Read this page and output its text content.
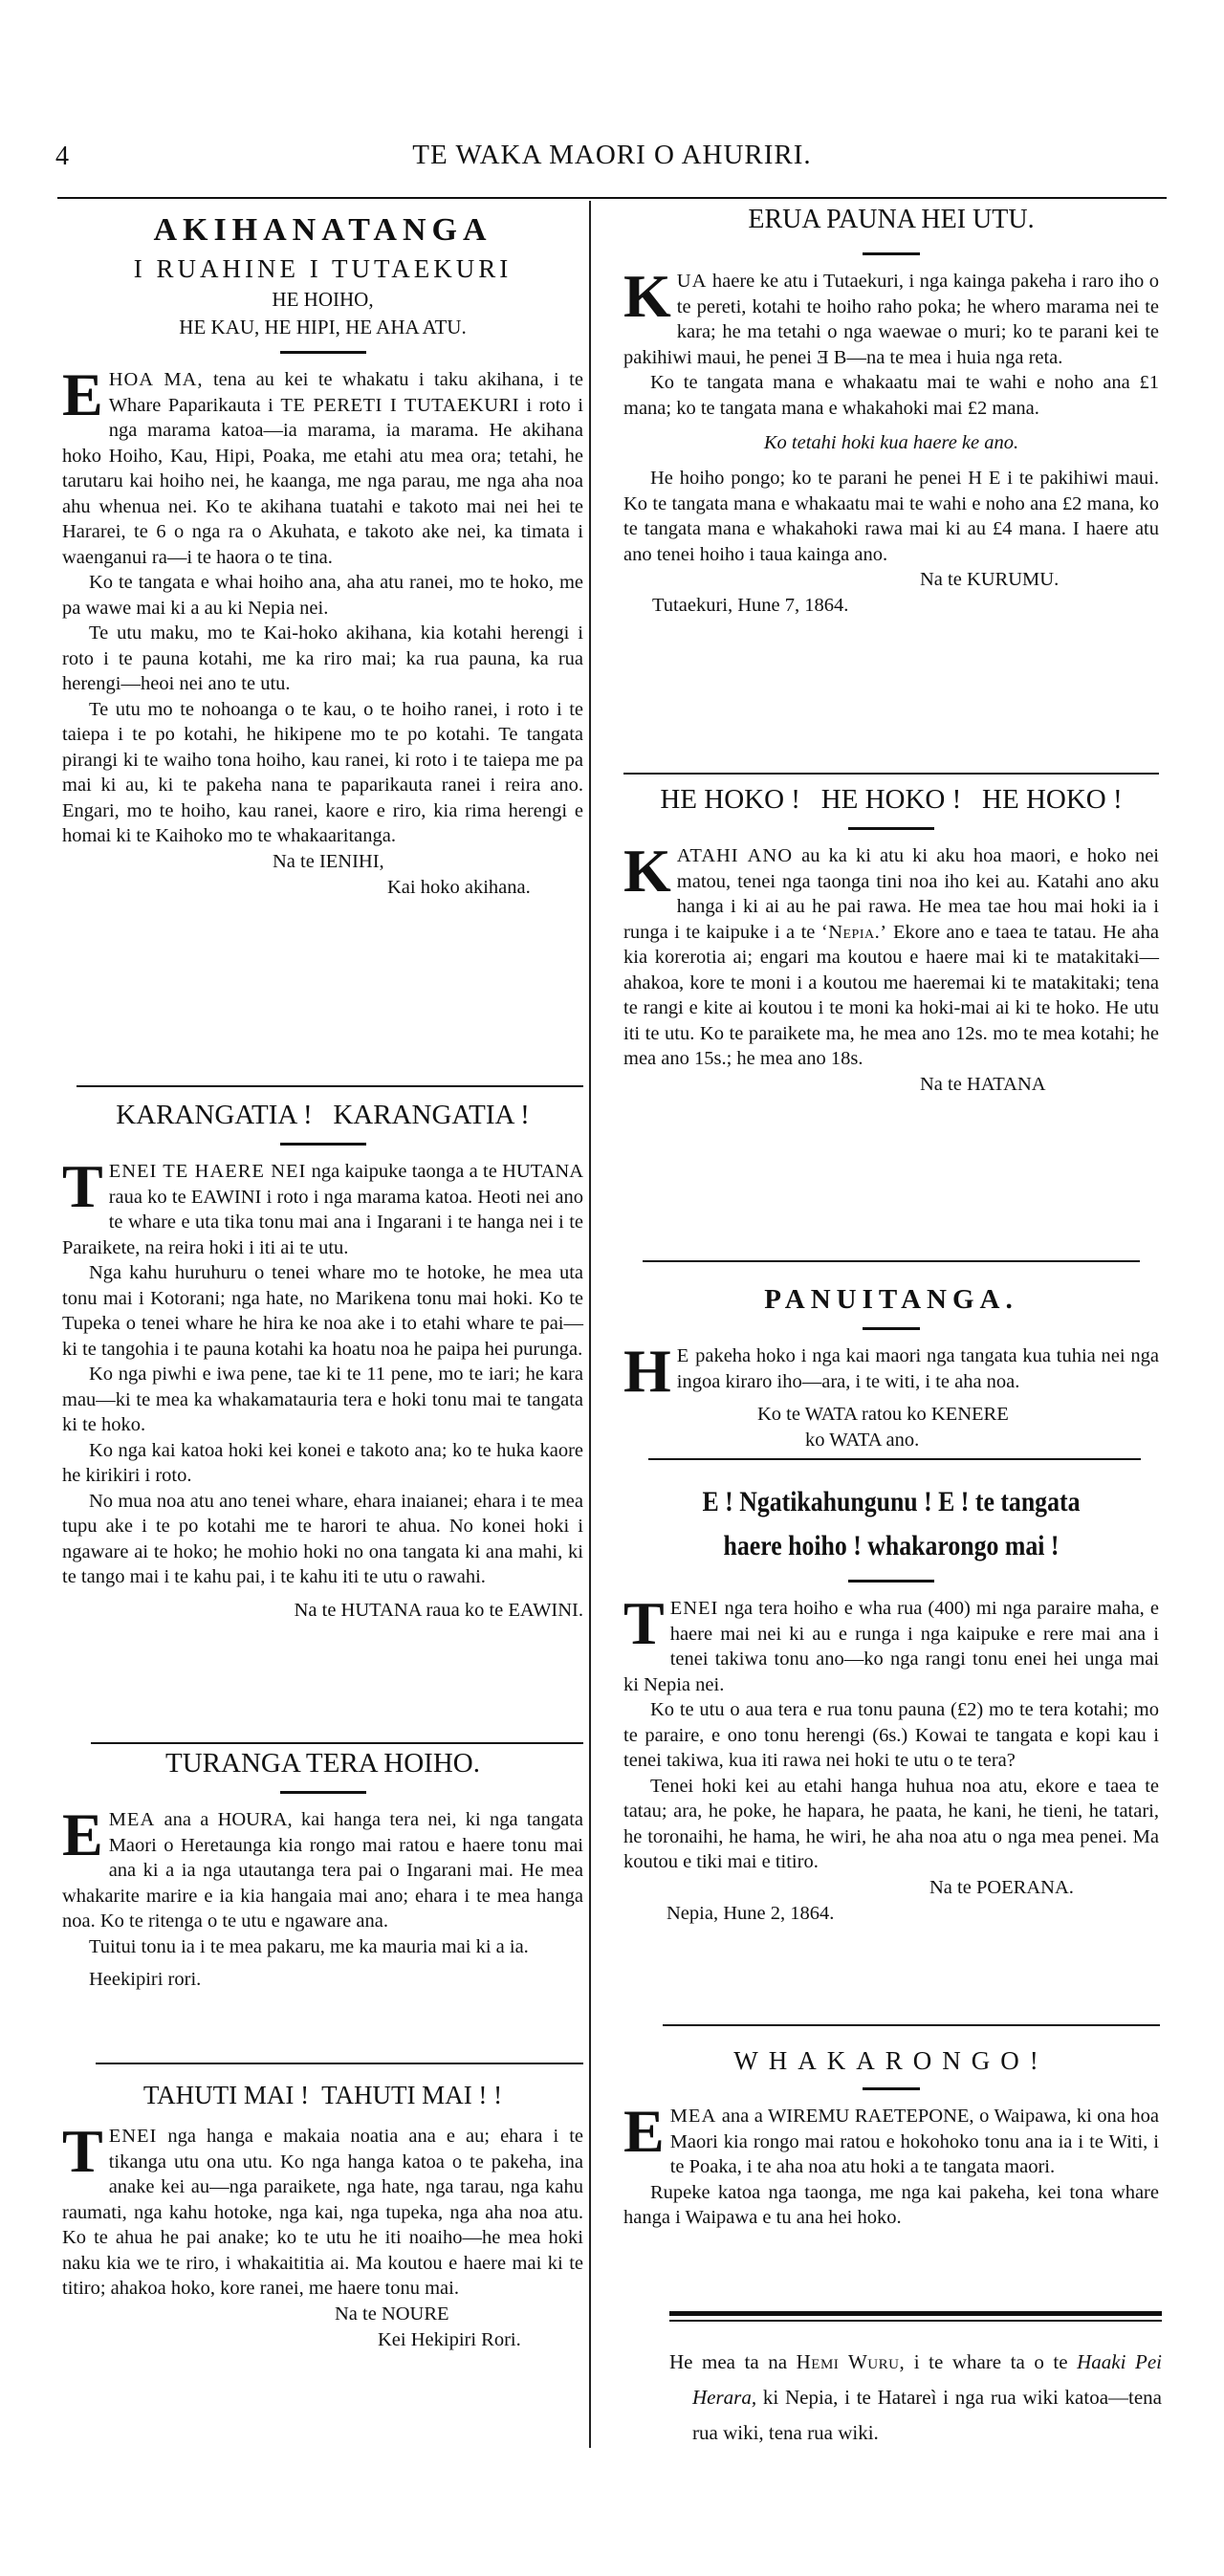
4	TE WAKA MAORI O AHURIRI.
AKIHANATANGA
I RUAHINE I TUTAEKURI
HE HOIHO,
HE KAU, HE HIPI, HE AHA ATU.

EHOA MA, tena au kei te whakatu i taku akihana, i te Whare Paparikauta i TE PERETI I TUTAEKURI i roto i nga marama katoa—ia marama, ia marama. He akihana hoko Hoiho, Kau, Hipi, Poaka, me etahi atu mea ora; tetahi, he tarutaru kai hoiho nei, he kaanga, me nga parau, me nga aha noa ahu whenua nei. Ko te akihana tuatahi e takoto mai nei hei te Hararei, te 6 o nga ra o Akuhata, e takoto ake nei, ka timata i waenganui ra—i te haora o te tina.

Ko te tangata e whai hoiho ana, aha atu ranei, mo te hoko, me pa wawe mai ki a au ki Nepia nei.

Te utu maku, mo te Kai-hoko akihana, kia kotahi herengi i roto i te pauna kotahi, me ka riro mai; ka rua pauna, ka rua herengi—heoi nei ano te utu.

Te utu mo te nohoanga o te kau, o te hoiho ranei, i roto i te taiepa i te po kotahi, he hikipene mo te po kotahi. Te tangata pirangi ki te waiho tona hoiho, kau ranei, ki roto i te taiepa me pa mai ki au, ki te pakeha nana te paparikauta ranei i reira ano. Engari, mo te hoiho, kau ranei, kaore e riro, kia rima herengi e homai ki te Kaihoko mo te whakaaritanga.

Na te IENIHI,
Kai hoko akihana.
KARANGATIA !   KARANGATIA !

TENEI TE HAERE NEI nga kaipuke taonga a te HUTANA raua ko te EAWINI i roto i nga marama katoa. Heoti nei ano te whare e uta tika tonu mai ana i Ingarani i te hanga nei i te Paraikete, na reira hoki i iti ai te utu.

Nga kahu huruhuru o tenei whare mo te hotoke, he mea uta tonu mai i Kotorani; nga hate, no Marikena tonu mai hoki. Ko te Tupeka o tenei whare he hira ke noa ake i to etahi whare te pai—ki te tangohia i te pauna kotahi ka hoatu noa he paipa hei purunga.

Ko nga piwhi e iwa pene, tae ki te 11 pene, mo te iari; he kara mau—ki te mea ka whakamatauria tera e hoki tonu mai te tangata ki te hoko.

Ko nga kai katoa hoki kei konei e takoto ana; ko te huka kaore he kirikiri i roto.

No mua noa atu ano tenei whare, ehara inaianei; ehara i te mea tupu ake i te po kotahi me te harori te ahua. No konei hoki i ngaware ai te hoko; he mohio hoki no ona tangata ki ana mahi, ki te tango mai i te kahu pai, i te kahu iti te utu o rawahi.

Na te HUTANA raua ko te EAWINI.
TURANGA TERA HOIHO.

EMEA ana a HOURA, kai hanga tera nei, ki nga tangata Maori o Heretaunga kia rongo mai ratou e haere tonu mai ana ki a ia nga utautanga tera pai o Ingarani mai. He mea whakarite marire e ia kia hangaia mai ano; ehara i te mea hanga noa. Ko te ritenga o te utu e ngaware ana.

Tuitui tonu ia i te mea pakaru, me ka mauria mai ki a ia.

Heekipiri rori.

TAHUTI MAI !  TAHUTI MAI ! !

TENEI nga hanga e makaia noatia ana e au; ehara i te tikanga utu ona utu. Ko nga hanga katoa o te pakeha, ina anake kei au—nga paraikete, nga hate, nga tarau, nga kahu raumati, nga kahu hotoke, nga kai, nga tupeka, nga aha noa atu. Ko te ahua he pai anake; ko te utu he iti noaiho—he mea hoki naku kia we te riro, i whakaititia ai. Ma koutou e haere mai ki te titiro; ahakoa hoko, kore ranei, me haere tonu mai.

Na te NOURE
Kei Hekipiri Rori.
ERUA PAUNA HEI UTU.

KUA haere ke atu i Tutaekuri, i nga kainga pakeha i raro iho o te pereti, kotahi te hoiho raho poka; he whero marama nei te kara; he ma tetahi o nga waewae o muri; ko te parani kei te pakihiwi maui, he penei Ǝ B—na te mea i huia nga reta.

Ko te tangata mana e whakaatu mai te wahi e noho ana £1 mana; ko te tangata mana e whakahoki mai £2 mana.

Ko tetahi hoki kua haere ke ano.

He hoiho pongo; ko te parani he penei H E i te pakihiwi maui. Ko te tangata mana e whakaatu mai te wahi e noho ana £2 mana, ko te tangata mana e whakahoki rawa mai ki au £4 mana. I haere atu ano tenei hoiho i taua kainga ano.

Na te KURUMU.
Tutaekuri, Hune 7, 1864.
HE HOKO !   HE HOKO !   HE HOKO !

KATAHI ANO au ka ki atu ki aku hoa maori, e hoko nei matou, tenei nga taonga tini noa iho kei au. Katahi ano aku hanga i ki ai au he pai rawa. He mea tae hou mai hoki ia i runga i te kaipuke i a te ‘Nepia.’ Ekore ano e taea te tatau. He aha kia korerotia ai; engari ma koutou e haere mai ki te matakitaki—ahakoa, kore te moni i a koutou me haeremai ki te matakitaki; tena te rangi e kite ai koutou i te moni ka hoki-mai ai ki te hoko. He utu iti te utu. Ko te paraikete ma, he mea ano 12s. mo te mea kotahi; he mea ano 15s.; he mea ano 18s.

Na te HATANA
PANUITANGA.

H E pakeha hoko i nga kai maori nga tangata kua tuhia nei nga ingoa kiraro iho—ara, i te witi, i te aha noa.

Ko te WATA ratou ko KENERE
ko WATA ano.
E ! Ngatikahungunu ! E ! te tangata
haere hoiho ! whakarongo mai !

TENEI nga tera hoiho e wha rua (400) mi nga paraire maha, e haere mai nei ki au e runga i nga kaipuke e rere mai ana i tenei takiwa tonu ano—ko nga rangi tonu enei hei unga mai ki Nepia nei.

Ko te utu o aua tera e rua tonu pauna (£2) mo te tera kotahi; mo te paraire, e ono tonu herengi (6s.) Kowai te tangata e kopi kau i tenei takiwa, kua iti rawa nei hoki te utu o te tera?

Tenei hoki kei au etahi hanga huhua noa atu, ekore e taea te tatau; ara, he poke, he hapara, he paata, he kani, he tieni, he tatari, he toronaihi, he hama, he wiri, he aha noa atu o nga mea penei. Ma koutou e tiki mai e titiro.

Na te POERANA.
Nepia, Hune 2, 1864.
WHAKARONGO!

EMEA ana a WIREMU RAETEPONE, o Waipawa, ki ona hoa Maori kia rongo mai ratou e hokohoko tonu ana ia i te Witi, i te Poaka, i te aha noa atu hoki a te tangata maori.

Rupeke katoa nga taonga, me nga kai pakeha, kei tona whare hanga i Waipawa e tu ana hei hoko.

He mea ta na Hemi Wuru, i te whare ta o te Haaki Pei Herara, ki Nepia, i te Hatareì i nga rua wiki katoa—tena rua wiki, tena rua wiki.
